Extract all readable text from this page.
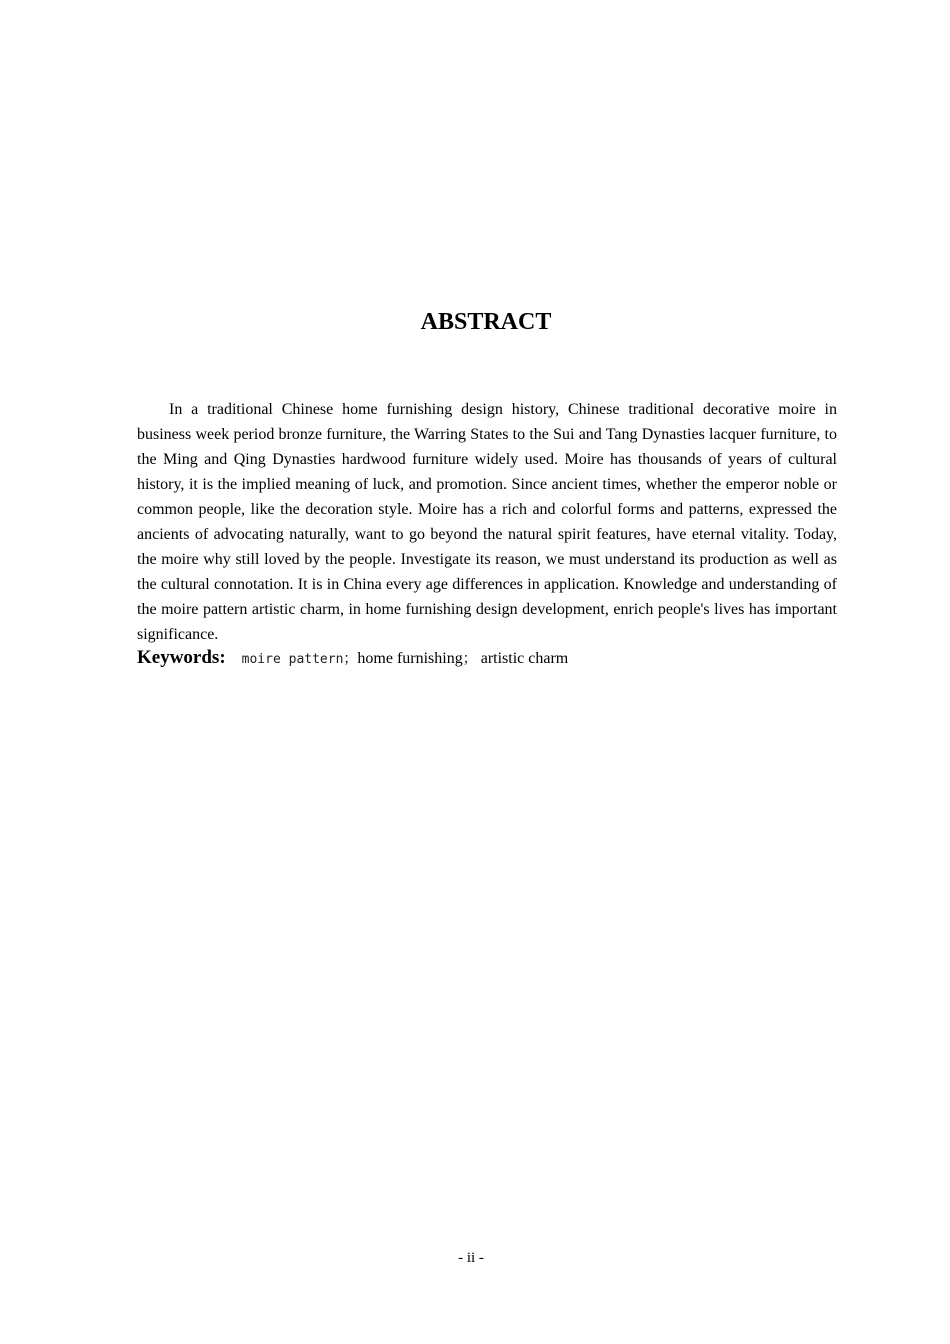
ABSTRACT

In a traditional Chinese home furnishing design history, Chinese traditional decorative moire in business week period bronze furniture, the Warring States to the Sui and Tang Dynasties lacquer furniture, to the Ming and Qing Dynasties hardwood furniture widely used. Moire has thousands of years of cultural history, it is the implied meaning of luck, and promotion. Since ancient times, whether the emperor noble or common people, like the decoration style. Moire has a rich and colorful forms and patterns, expressed the ancients of advocating naturally, want to go beyond the natural spirit features, have eternal vitality. Today, the moire why still loved by the people. Investigate its reason, we must understand its production as well as the cultural connotation. It is in China every age differences in application. Knowledge and understanding of the moire pattern artistic charm, in home furnishing design development, enrich people's lives has important significance.

Keywords: moire pattern；home furnishing； artistic charm
- ii -
